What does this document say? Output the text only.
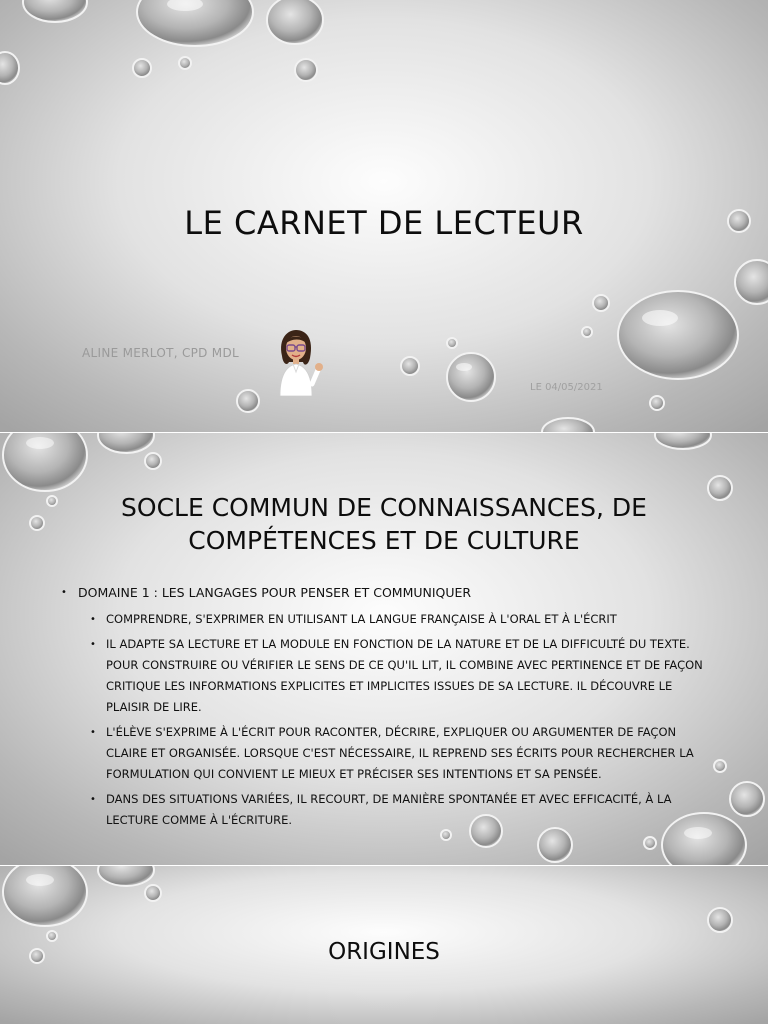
LE CARNET DE LECTEUR
ALINE MERLOT, CPD MDL
LE 04/05/2021
SOCLE COMMUN DE CONNAISSANCES, DE
COMPÉTENCES ET DE CULTURE
• DOMAINE 1 : LES LANGAGES POUR PENSER ET COMMUNIQUER
• COMPRENDRE, S'EXPRIMER EN UTILISANT LA LANGUE FRANÇAISE À L'ORAL ET À L'ÉCRIT
• IL ADAPTE SA LECTURE ET LA MODULE EN FONCTION DE LA NATURE ET DE LA DIFFICULTÉ DU TEXTE. POUR CONSTRUIRE OU VÉRIFIER LE SENS DE CE QU'IL LIT, IL COMBINE AVEC PERTINENCE ET DE FAÇON CRITIQUE LES INFORMATIONS EXPLICITES ET IMPLICITES ISSUES DE SA LECTURE. IL DÉCOUVRE LE PLAISIR DE LIRE.
• L'ÉLÈVE S'EXPRIME À L'ÉCRIT POUR RACONTER, DÉCRIRE, EXPLIQUER OU ARGUMENTER DE FAÇON CLAIRE ET ORGANISÉE. LORSQUE C'EST NÉCESSAIRE, IL REPREND SES ÉCRITS POUR RECHERCHER LA FORMULATION QUI CONVIENT LE MIEUX ET PRÉCISER SES INTENTIONS ET SA PENSÉE.
• DANS DES SITUATIONS VARIÉES, IL RECOURT, DE MANIÈRE SPONTANÉE ET AVEC EFFICACITÉ, À LA LECTURE COMME À L'ÉCRITURE.
ORIGINES
